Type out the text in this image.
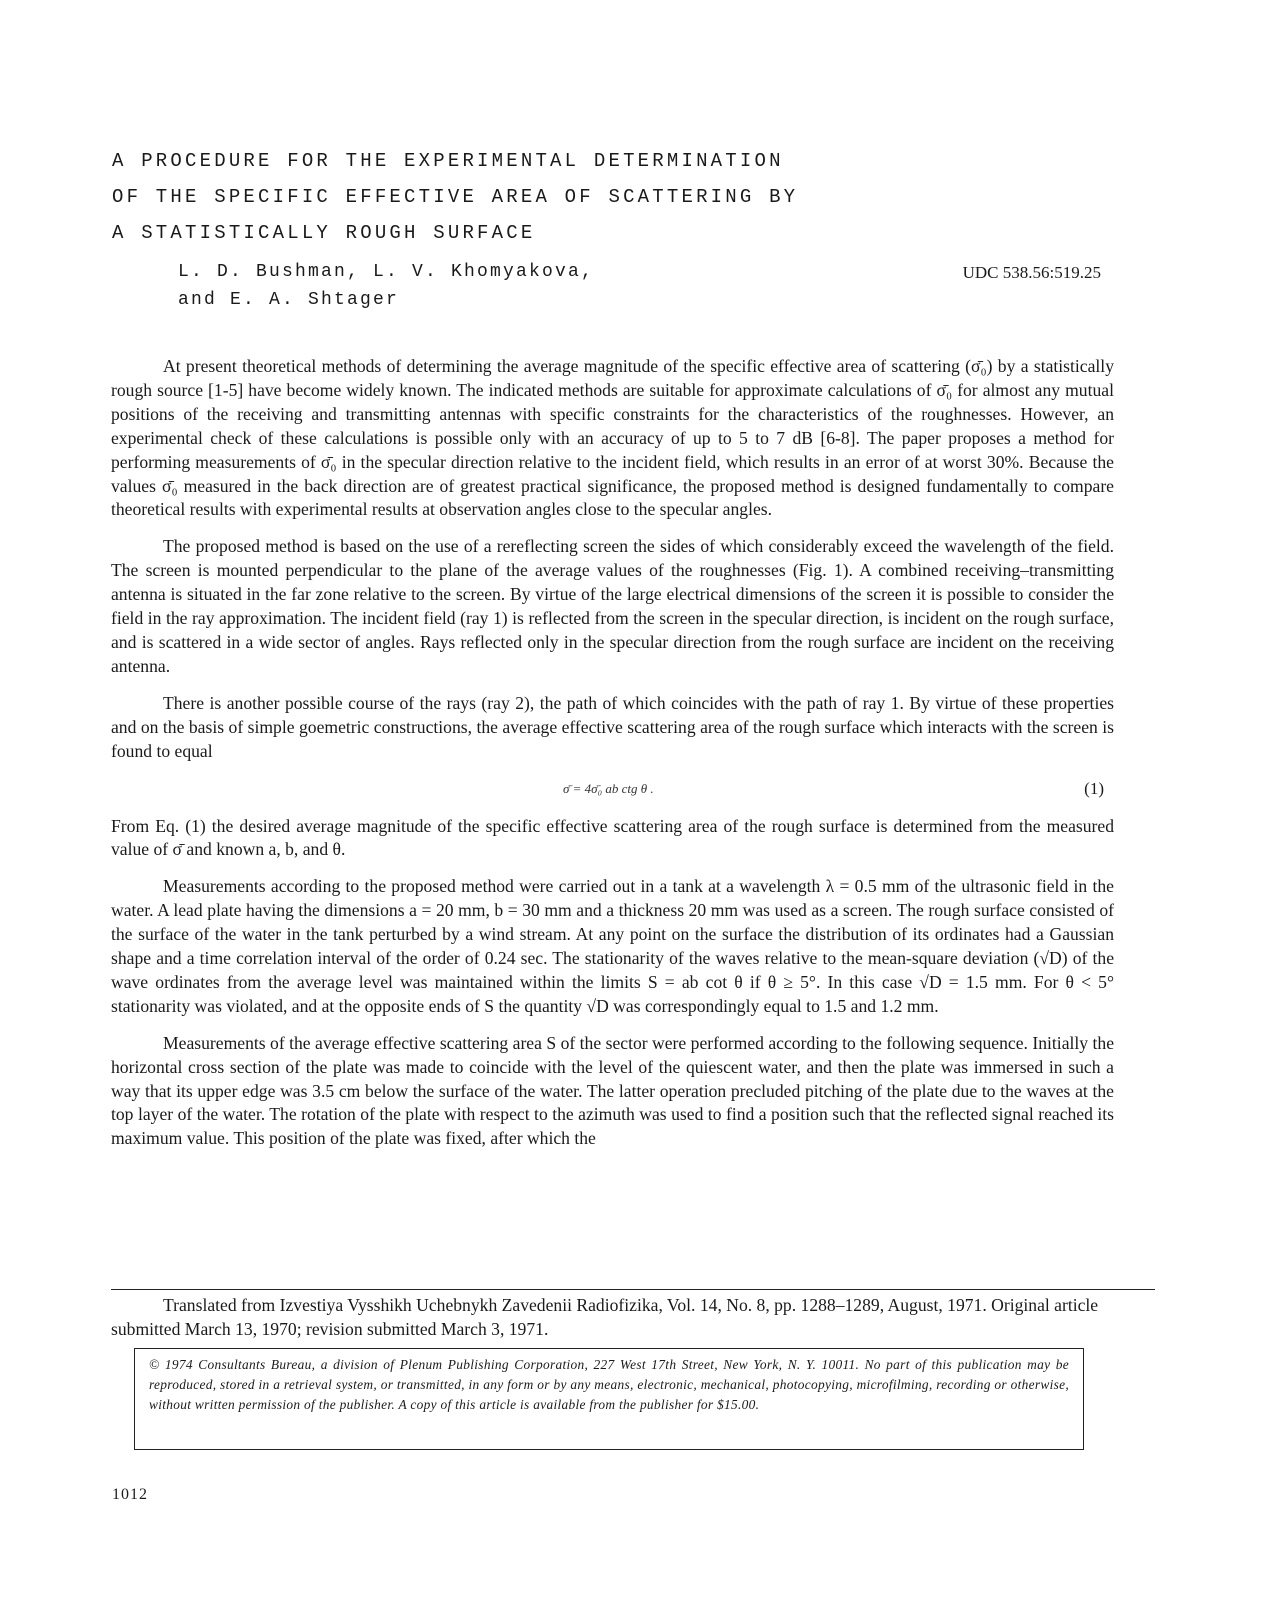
A PROCEDURE FOR THE EXPERIMENTAL DETERMINATION
OF THE SPECIFIC EFFECTIVE AREA OF SCATTERING BY
A STATISTICALLY ROUGH SURFACE
L. D. Bushman, L. V. Khomyakova,
and E. A. Shtager
UDC 538.56:519.25

At present theoretical methods of determining the average magnitude of the specific effective area of scattering (σ̄₀) by a statistically rough source [1-5] have become widely known. The indicated methods are suitable for approximate calculations of σ̄₀ for almost any mutual positions of the receiving and transmitting antennas with specific constraints for the characteristics of the roughnesses. However, an experimental check of these calculations is possible only with an accuracy of up to 5 to 7 dB [6-8]. The paper proposes a method for performing measurements of σ̄₀ in the specular direction relative to the incident field, which results in an error of at worst 30%. Because the values σ̄₀ measured in the back direction are of greatest practical significance, the proposed method is designed fundamentally to compare theoretical results with experimental results at observation angles close to the specular angles.

The proposed method is based on the use of a rereflecting screen the sides of which considerably exceed the wavelength of the field. The screen is mounted perpendicular to the plane of the average values of the roughnesses (Fig. 1). A combined receiving–transmitting antenna is situated in the far zone relative to the screen. By virtue of the large electrical dimensions of the screen it is possible to consider the field in the ray approximation. The incident field (ray 1) is reflected from the screen in the specular direction, is incident on the rough surface, and is scattered in a wide sector of angles. Rays reflected only in the specular direction from the rough surface are incident on the receiving antenna.

There is another possible course of the rays (ray 2), the path of which coincides with the path of ray 1. By virtue of these properties and on the basis of simple goemetric constructions, the average effective scattering area of the rough surface which interacts with the screen is found to equal

σ̄ = 4σ̄₀ ab ctg θ .	(1)

From Eq. (1) the desired average magnitude of the specific effective scattering area of the rough surface is determined from the measured value of σ̄ and known a, b, and θ.

Measurements according to the proposed method were carried out in a tank at a wavelength λ = 0.5 mm of the ultrasonic field in the water. A lead plate having the dimensions a = 20 mm, b = 30 mm and a thickness 20 mm was used as a screen. The rough surface consisted of the surface of the water in the tank perturbed by a wind stream. At any point on the surface the distribution of its ordinates had a Gaussian shape and a time correlation interval of the order of 0.24 sec. The stationarity of the waves relative to the mean-square deviation (√D) of the wave ordinates from the average level was maintained within the limits S = ab cot θ if θ ≥ 5°. In this case √D = 1.5 mm. For θ < 5° stationarity was violated, and at the opposite ends of S the quantity √D was correspondingly equal to 1.5 and 1.2 mm.

Measurements of the average effective scattering area S of the sector were performed according to the following sequence. Initially the horizontal cross section of the plate was made to coincide with the level of the quiescent water, and then the plate was immersed in such a way that its upper edge was 3.5 cm below the surface of the water. The latter operation precluded pitching of the plate due to the waves at the top layer of the water. The rotation of the plate with respect to the azimuth was used to find a position such that the reflected signal reached its maximum value. This position of the plate was fixed, after which the

Translated from Izvestiya Vysshikh Uchebnykh Zavedenii Radiofizika, Vol. 14, No. 8, pp. 1288–1289, August, 1971. Original article submitted March 13, 1970; revision submitted March 3, 1971.

© 1974 Consultants Bureau, a division of Plenum Publishing Corporation, 227 West 17th Street, New York, N. Y. 10011. No part of this publication may be reproduced, stored in a retrieval system, or transmitted, in any form or by any means, electronic, mechanical, photocopying, microfilming, recording or otherwise, without written permission of the publisher. A copy of this article is available from the publisher for $15.00.
1012
